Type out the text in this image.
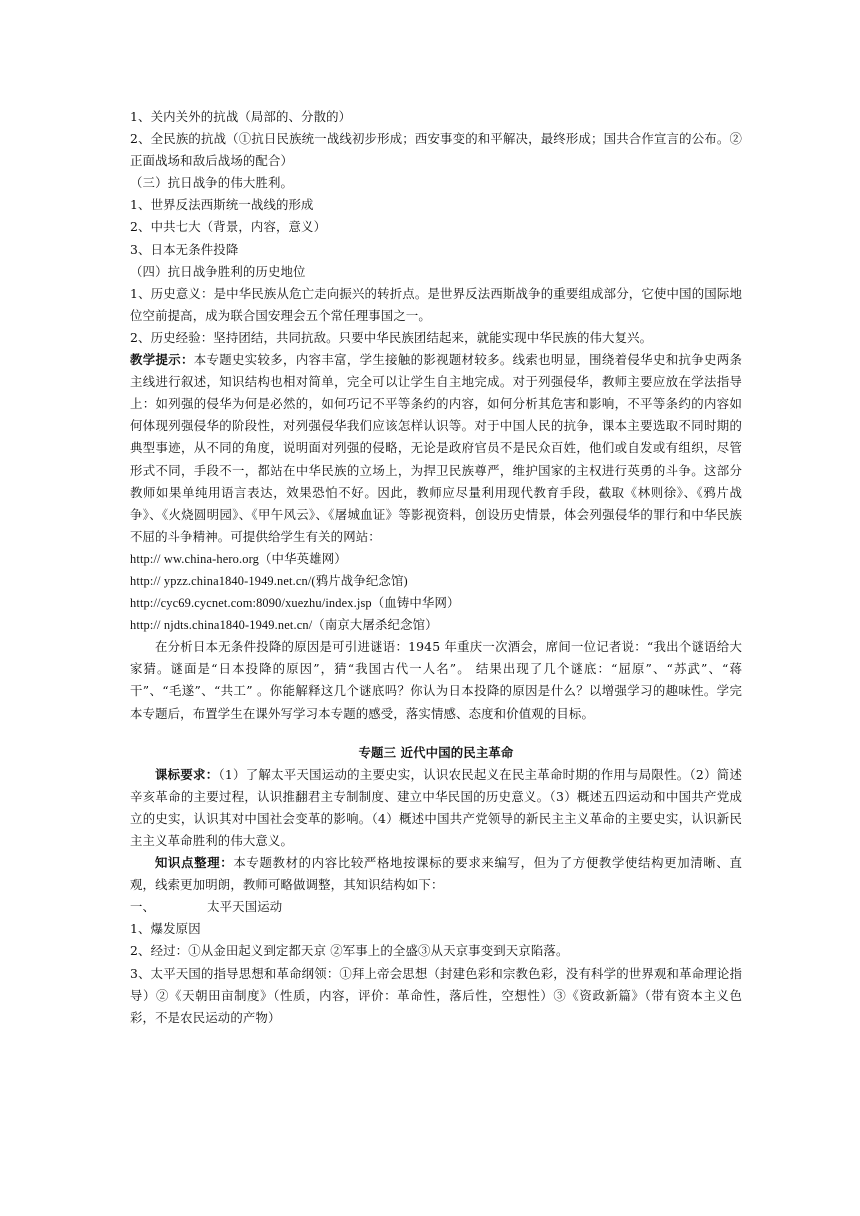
1、关内关外的抗战（局部的、分散的）

2、全民族的抗战（①抗日民族统一战线初步形成；西安事变的和平解决，最终形成；国共合作宣言的公布。②正面战场和敌后战场的配合）

（三）抗日战争的伟大胜利。

1、世界反法西斯统一战线的形成

2、中共七大（背景，内容，意义）

3、日本无条件投降

（四）抗日战争胜利的历史地位

1、历史意义：是中华民族从危亡走向振兴的转折点。是世界反法西斯战争的重要组成部分，它使中国的国际地位空前提高，成为联合国安理会五个常任理事国之一。

2、历史经验：坚持团结，共同抗敌。只要中华民族团结起来，就能实现中华民族的伟大复兴。

教学提示：本专题史实较多，内容丰富，学生接触的影视题材较多。线索也明显，围绕着侵华史和抗争史两条主线进行叙述，知识结构也相对简单，完全可以让学生自主地完成。对于列强侵华，教师主要应放在学法指导上：如列强的侵华为何是必然的，如何巧记不平等条约的内容，如何分析其危害和影响，不平等条约的内容如何体现列强侵华的阶段性，对列强侵华我们应该怎样认识等。对于中国人民的抗争，课本主要选取不同时期的典型事迹，从不同的角度，说明面对列强的侵略，无论是政府官员不是民众百姓，他们或自发或有组织，尽管形式不同，手段不一，都站在中华民族的立场上，为捍卫民族尊严，维护国家的主权进行英勇的斗争。这部分教师如果单纯用语言表达，效果恐怕不好。因此，教师应尽量利用现代教育手段，截取《林则徐》、《鸦片战争》、《火烧圆明园》、《甲午风云》、《屠城血证》等影视资料，创设历史情景，体会列强侵华的罪行和中华民族不屈的斗争精神。可提供给学生有关的网站：

http:// ww.china-hero.org（中华英雄网）

http:// ypzz.china1840-1949.net.cn/(鸦片战争纪念馆)

http://cyc69.cycnet.com:8090/xuezhu/index.jsp（血铸中华网）

http:// njdts.china1840-1949.net.cn/（南京大屠杀纪念馆）

在分析日本无条件投降的原因是可引进谜语：1945 年重庆一次酒会，席间一位记者说：“我出个谜语给大家猜。谜面是“日本投降的原因”，猜“我国古代一人名”。 结果出现了几个谜底：“屈原”、“苏武”、“蒋干”、“毛遂”、“共工” 。你能解释这几个谜底吗？你认为日本投降的原因是什么？以增强学习的趣味性。学完本专题后，布置学生在课外写学习本专题的感受，落实情感、态度和价值观的目标。

专题三 近代中国的民主革命

课标要求：（1）了解太平天国运动的主要史实，认识农民起义在民主革命时期的作用与局限性。（2）简述辛亥革命的主要过程，认识推翻君主专制制度、建立中华民国的历史意义。（3）概述五四运动和中国共产党成立的史实，认识其对中国社会变革的影响。（4）概述中国共产党领导的新民主主义革命的主要史实，认识新民主主义革命胜利的伟大意义。

知识点整理：本专题教材的内容比较严格地按课标的要求来编写，但为了方便教学使结构更加清晰、直观，线索更加明朗，教师可略做调整，其知识结构如下：

一、	太平天国运动

1、爆发原因

2、经过：①从金田起义到定都天京 ②军事上的全盛③从天京事变到天京陷落。

3、太平天国的指导思想和革命纲领：①拜上帝会思想（封建色彩和宗教色彩，没有科学的世界观和革命理论指导）②《天朝田亩制度》（性质，内容，评价：革命性，落后性，空想性）③《资政新篇》（带有资本主义色彩，不是农民运动的产物）
